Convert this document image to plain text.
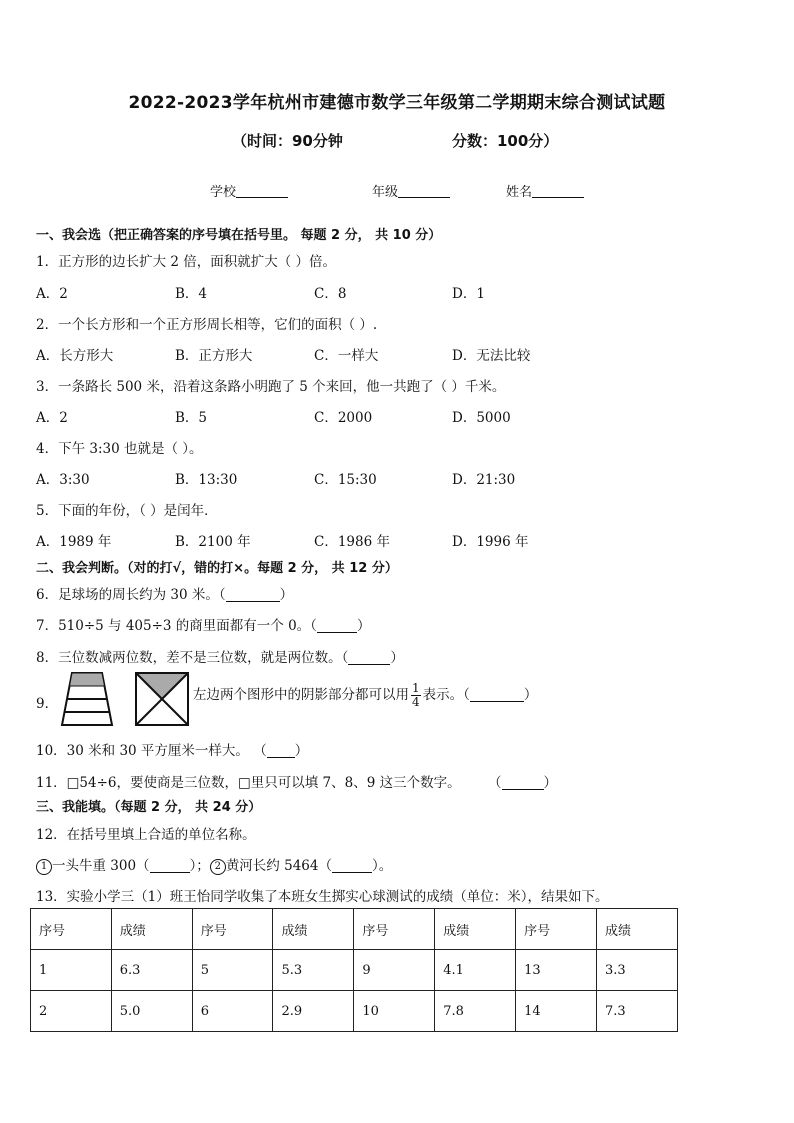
2022-2023学年杭州市建德市数学三年级第二学期期末综合测试试题
（时间：90分钟	分数：100分）
学校	年级	姓名
一、我会选（把正确答案的序号填在括号里。 每题 2 分， 共 10 分）
1．正方形的边长扩大 2 倍，面积就扩大（ ）倍。
A．2	B．4	C．8	D．1
2．一个长方形和一个正方形周长相等，它们的面积（ ）.
A．长方形大	B．正方形大	C．一样大	D．无法比较
3．一条路长 500 米，沿着这条路小明跑了 5 个来回，他一共跑了（ ）千米。
A．2	B．5	C．2000	D．5000
4．下午 3:30 也就是（ ）。
A．3:30	B．13:30	C．15:30	D．21:30
5．下面的年份，（ ）是闰年．
A．1989 年	B．2100 年	C．1986 年	D．1996 年
二、我会判断。（对的打√，错的打×。每题 2 分， 共 12 分）
6．足球场的周长约为 30 米。（	）
7．510÷5 与 405÷3 的商里面都有一个 0。（	）
8．三位数减两位数，差不是三位数，就是两位数。（	）
9．
左边两个图形中的阴影部分都可以用 $\frac{1}{4}$ 表示。（	）
10．30 米和 30 平方厘米一样大。 （ ）
11．□54÷6，要使商是三位数，□里只可以填 7、8、9 这三个数字。 （	）
三、我能填。（每题 2 分， 共 24 分）
12．在括号里填上合适的单位名称。
1 一头牛重 300（	）； 2 黄河长约 5464（	）。
13．实验小学三（1）班王怡同学收集了本班女生掷实心球测试的成绩（单位：米），结果如下。
序号	成绩	序号	成绩	序号	成绩	序号	成绩
1	6.3	5	5.3	9	4.1	13	3.3
2	5.0	6	2.9	10	7.8	14	7.3
